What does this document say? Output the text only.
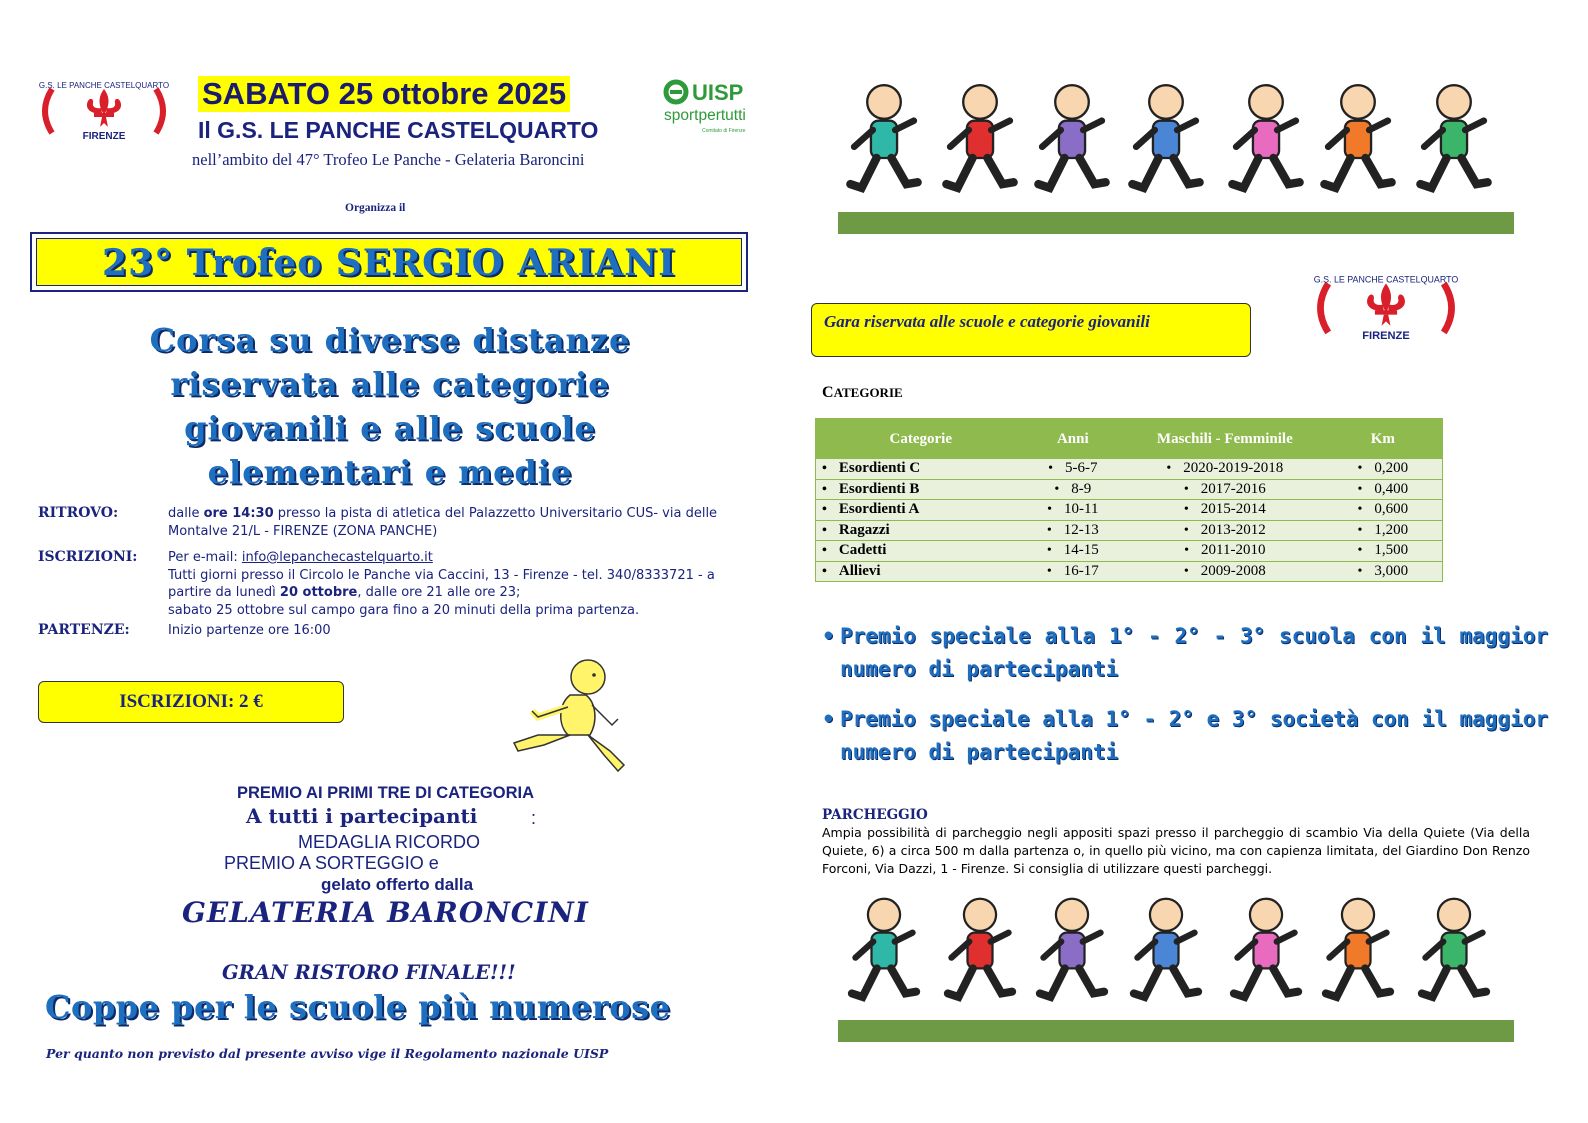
G.S. LE PANCHE CASTELQUARTO
FIRENZE
SABATO 25 ottobre 2025
Il G.S. LE PANCHE CASTELQUARTO
nell’ambito del 47° Trofeo Le Panche - Gelateria Baroncini
UISP
sportpertutti
Comitato di Firenze
Organizza il
23° Trofeo SERGIO ARIANI
Corsa su diverse distanze
riservata alle categorie
giovanili e alle scuole
elementari e medie
RITROVO:	dalle ore 14:30 presso la pista di atletica del Palazzetto Universitario CUS- via delle Montalve 21/L - FIRENZE (ZONA PANCHE)
ISCRIZIONI: Per e-mail: info@lepanchecastelquarto.it
Tutti giorni presso il Circolo le Panche via Caccini, 13 - Firenze - tel. 340/8333721 - a partire da lunedì 20 ottobre, dalle ore 21 alle ore 23;
sabato 25 ottobre sul campo gara fino a 20 minuti della prima partenza.
PARTENZE:	Inizio partenze ore 16:00
ISCRIZIONI: 2 €
PREMIO AI PRIMI TRE DI CATEGORIA
A tutti i partecipanti	:
MEDAGLIA RICORDO
PREMIO A SORTEGGIO e
gelato offerto dalla
GELATERIA BARONCINI
GRAN RISTORO FINALE!!!
Coppe per le scuole più numerose
Per quanto non previsto dal presente avviso vige il Regolamento nazionale UISP
G.S. LE PANCHE CASTELQUARTO
FIRENZE
Gara riservata alle scuole e categorie giovanili
CATEGORIE
Categorie	Anni	Maschili - Femminile	Km
• Esordienti C	• 5-6-7	• 2020-2019-2018	• 0,200
• Esordienti B	• 8-9	• 2017-2016	• 0,400
• Esordienti A	• 10-11	• 2015-2014	• 0,600
• Ragazzi	• 12-13	• 2013-2012	• 1,200
• Cadetti	• 14-15	• 2011-2010	• 1,500
• Allievi	• 16-17	• 2009-2008	• 3,000
• Premio speciale alla 1° - 2° - 3° scuola con il maggior numero di partecipanti
• Premio speciale alla 1° - 2° e 3° società con il maggior numero di partecipanti
PARCHEGGIO
Ampia possibilità di parcheggio negli appositi spazi presso il parcheggio di scambio Via della Quiete (Via della Quiete, 6) a circa 500 m dalla partenza o, in quello più vicino, ma con capienza limitata, del Giardino Don Renzo Forconi, Via Dazzi, 1 - Firenze. Si consiglia di utilizzare questi parcheggi.
